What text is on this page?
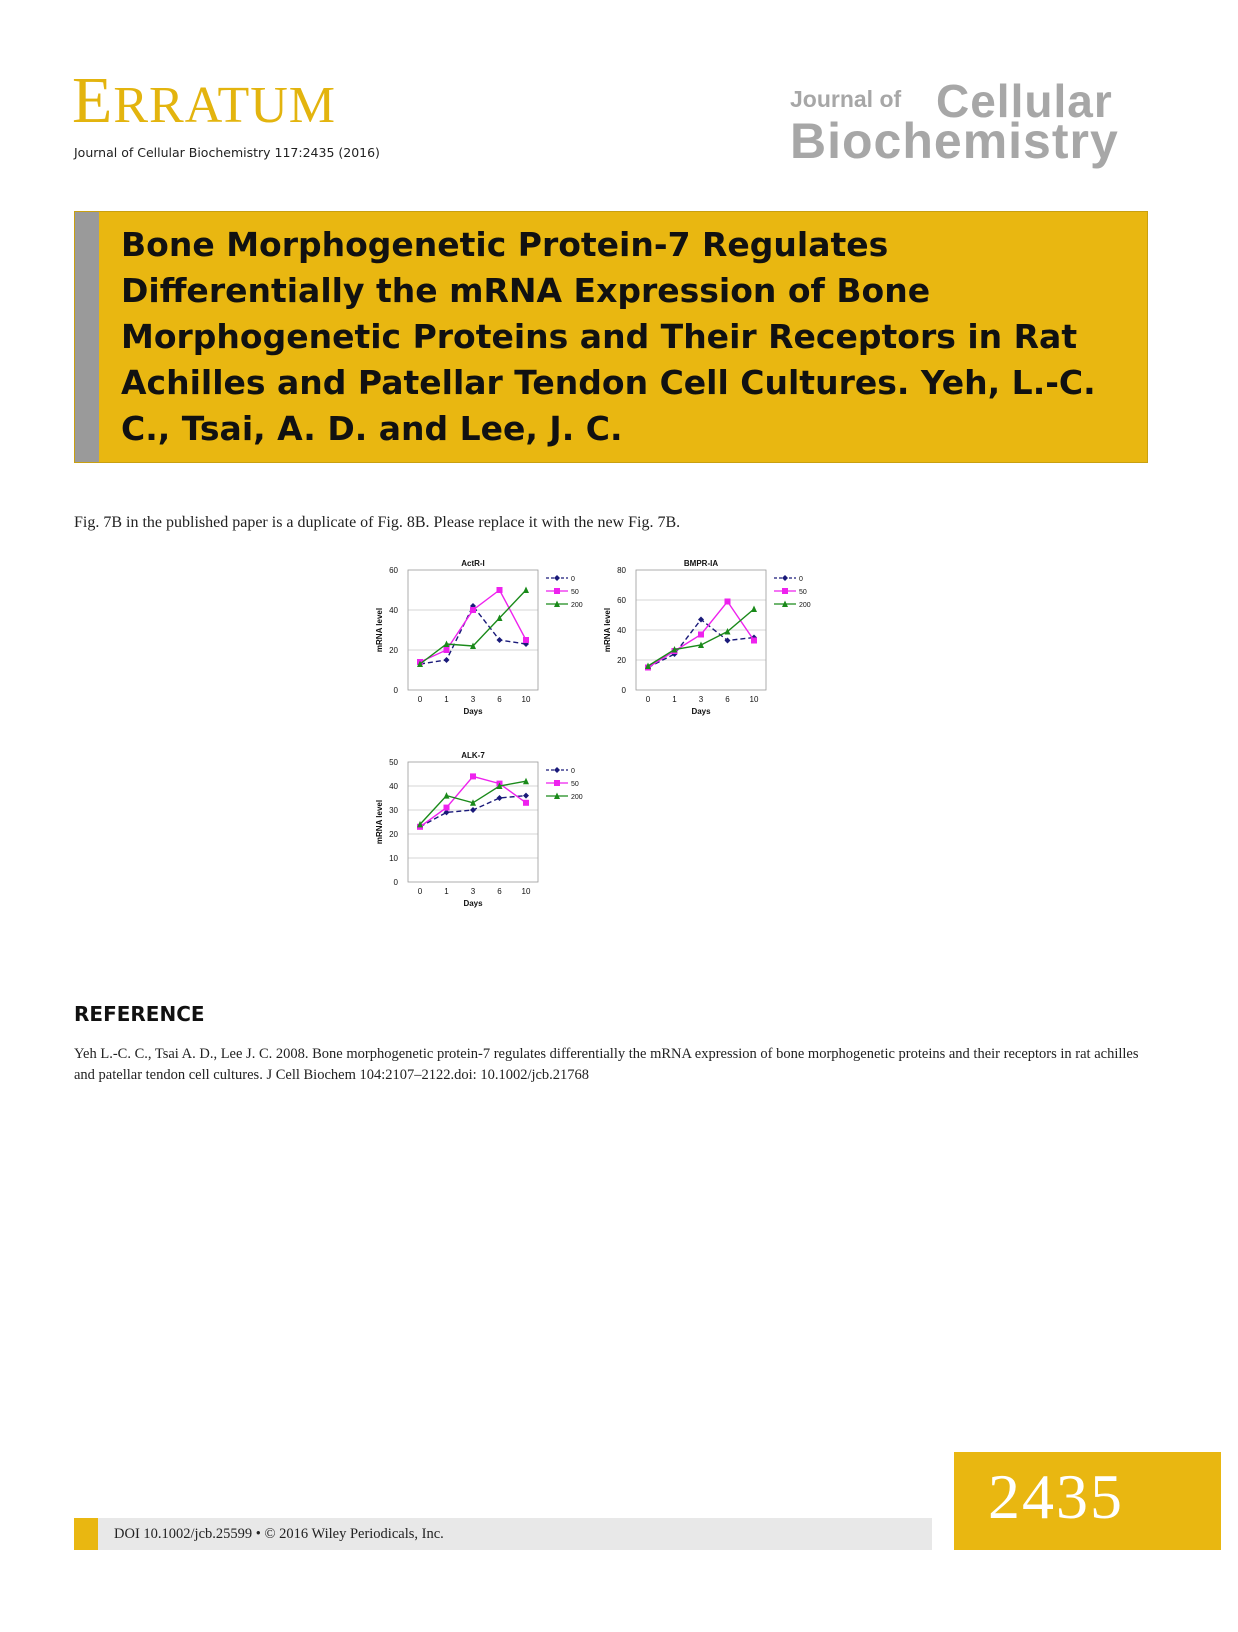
ERRATUM
Journal of Cellular Biochemistry 117:2435 (2016)
Journal of Cellular
Biochemistry
Bone Morphogenetic Protein-7 Regulates Differentially the mRNA Expression of Bone Morphogenetic Proteins and Their Receptors in Rat Achilles and Patellar Tendon Cell Cultures. Yeh, L.-C. C., Tsai, A. D. and Lee, J. C.
Fig. 7B in the published paper is a duplicate of Fig. 8B. Please replace it with the new Fig. 7B.
0
20
40
60
0	1	3	6 10
ActR-I
Days
mRNA level
0
50
200
0
20
40
60
80
0	1	3	6 10
BMPR-IA
Days
mRNA level
0
50
200
0
10
20
30
40
50
0	1	3	6 10
ALK-7
Days
mRNA level
0
50
200
REFERENCE
Yeh L.-C. C., Tsai A. D., Lee J. C. 2008. Bone morphogenetic protein-7 regulates differentially the mRNA expression of bone morphogenetic proteins and their receptors in rat achilles and patellar tendon cell cultures. J Cell Biochem 104:2107–2122.doi: 10.1002/jcb.21768
DOI 10.1002/jcb.25599 • © 2016 Wiley Periodicals, Inc.
2435
